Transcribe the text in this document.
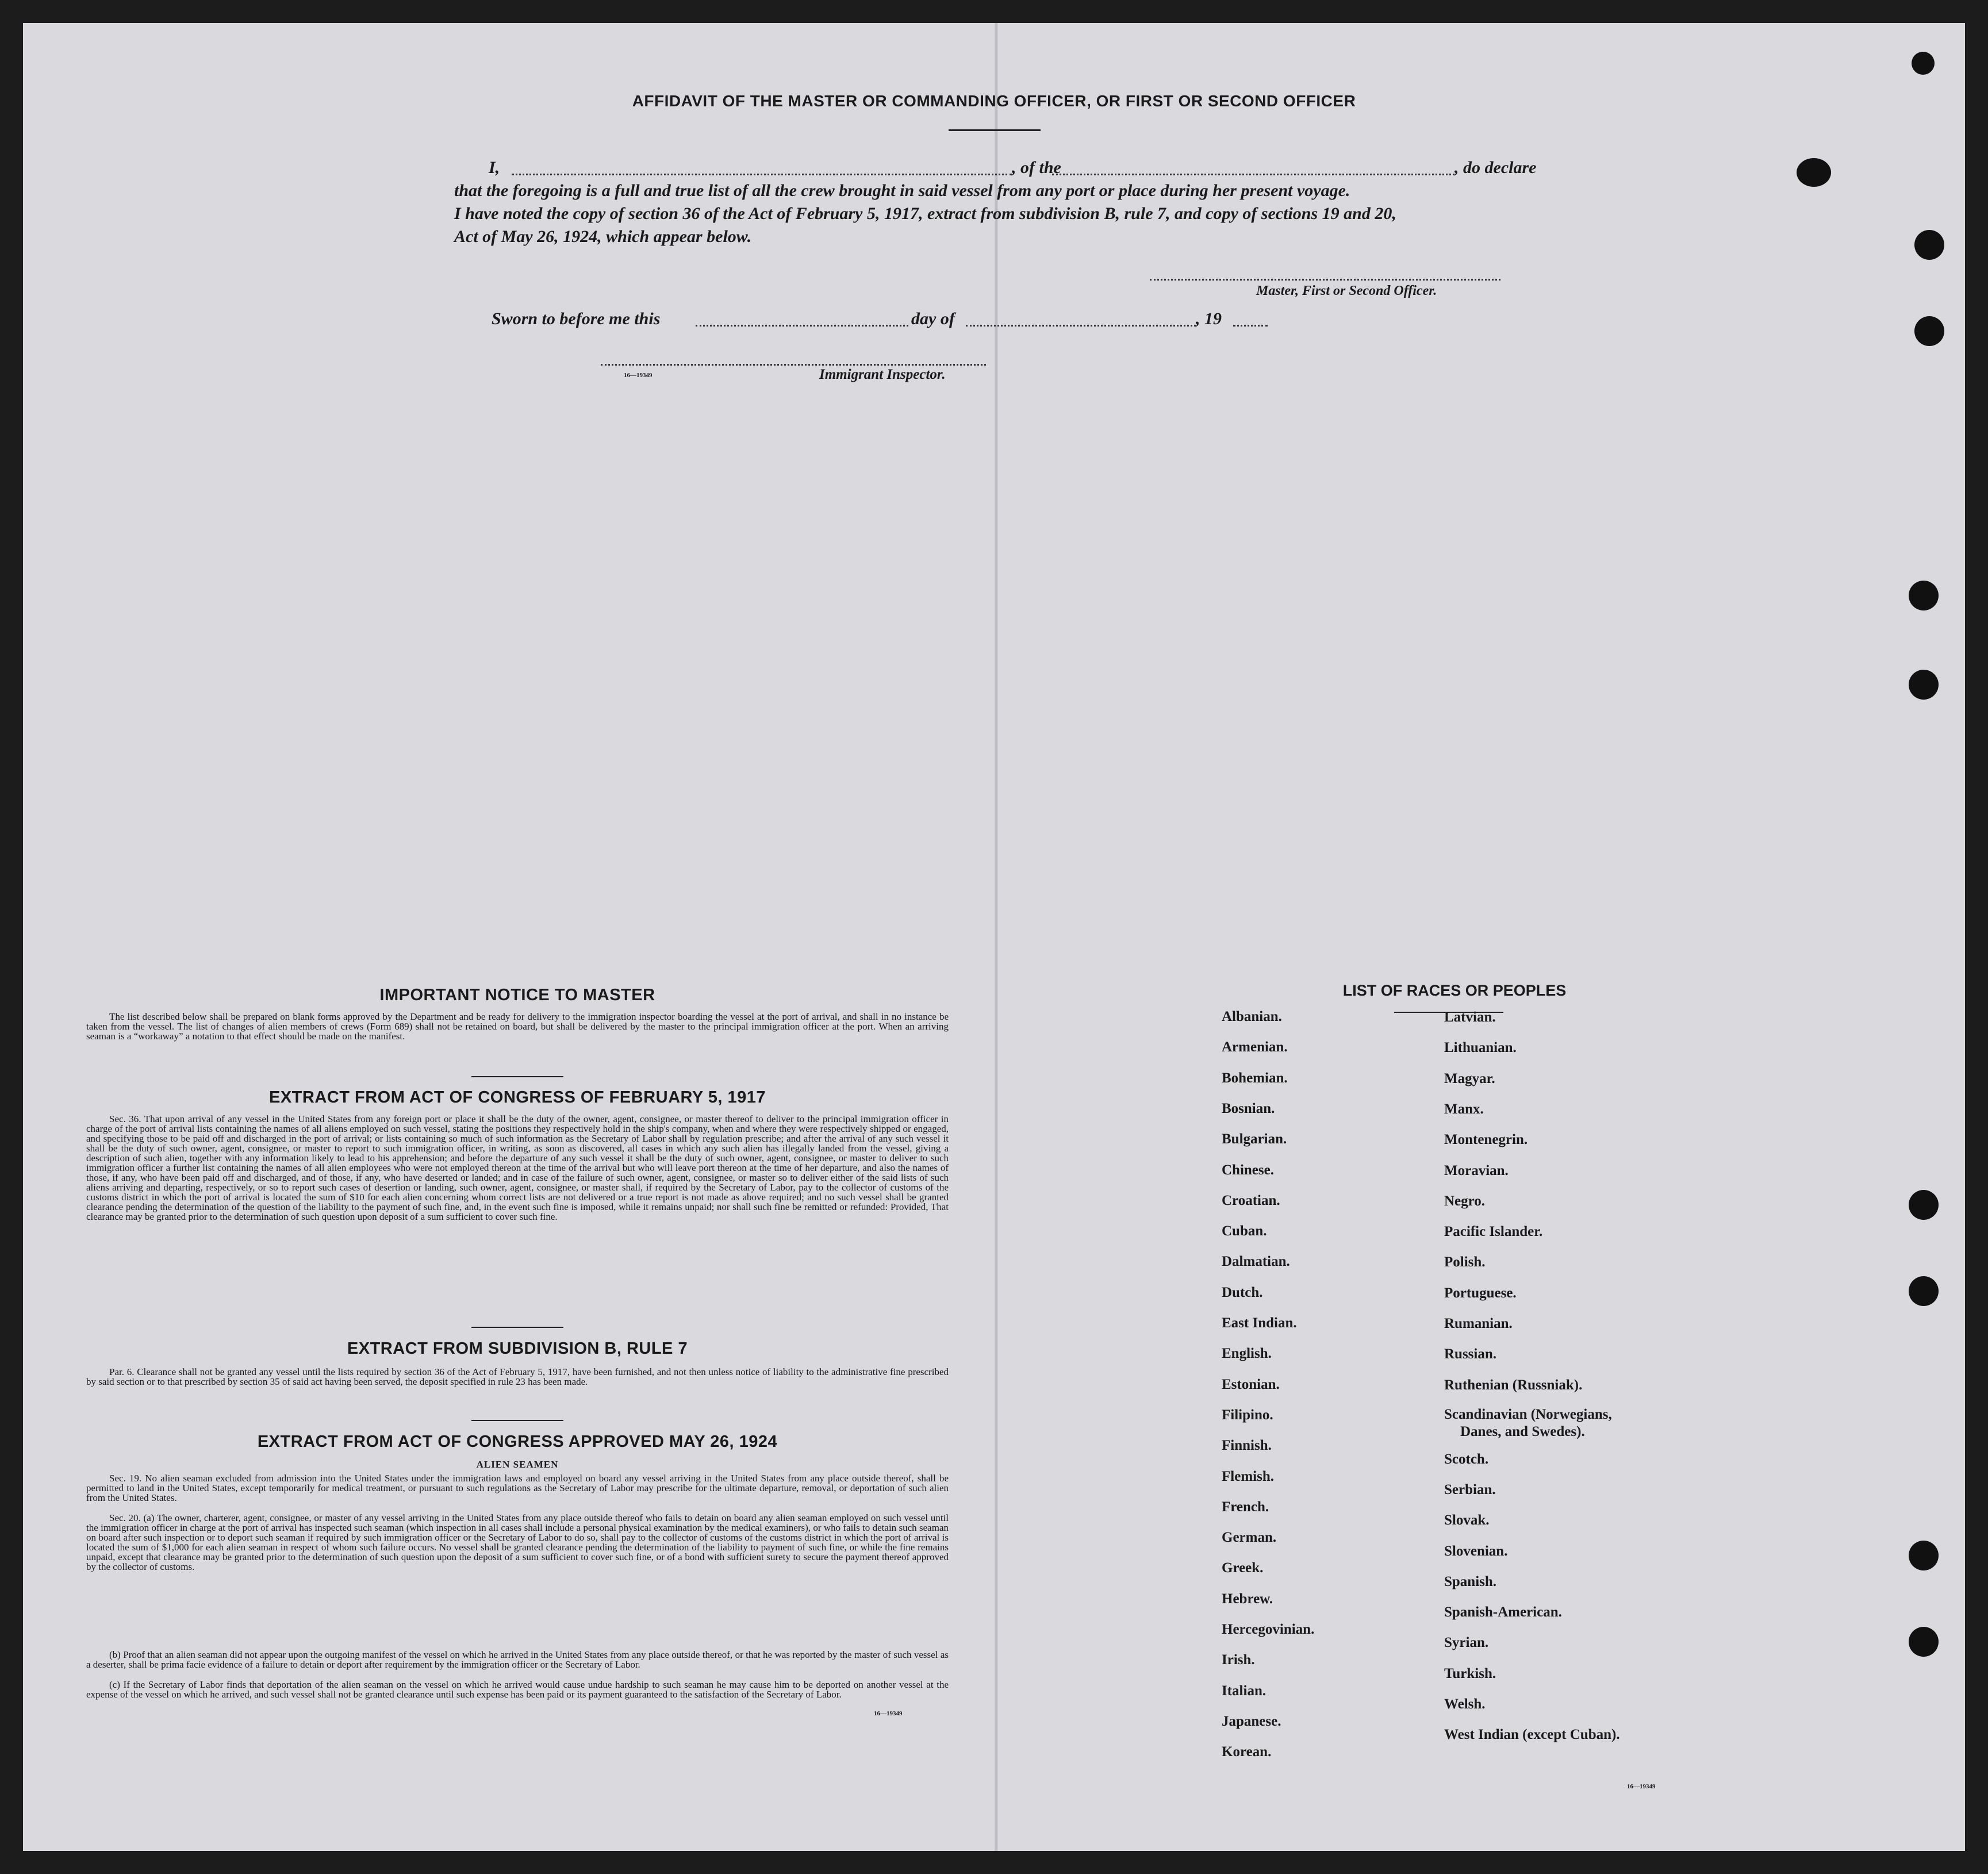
AFFIDAVIT OF THE MASTER OR COMMANDING OFFICER, OR FIRST OR SECOND OFFICER
I,	, of the	, do declare
that the foregoing is a full and true list of all the crew brought in said vessel from any port or place during her present voyage.
I have noted the copy of section 36 of the Act of February 5, 1917, extract from subdivision B, rule 7, and copy of sections 19 and 20,
Act of May 26, 1924, which appear below.
Master, First or Second Officer.
Sworn to before me this	day of	, 19
16—19349	Immigrant Inspector.
IMPORTANT NOTICE TO MASTER
The list described below shall be prepared on blank forms approved by the Department and be ready for delivery to the immigration inspector boarding the vessel at the port of arrival, and shall in no instance be taken from the vessel. The list of changes of alien members of crews (Form 689) shall not be retained on board, but shall be delivered by the master to the principal immigration officer at the port. When an arriving seaman is a “workaway” a notation to that effect should be made on the manifest.
EXTRACT FROM ACT OF CONGRESS OF FEBRUARY 5, 1917
Sec. 36. That upon arrival of any vessel in the United States from any foreign port or place it shall be the duty of the owner, agent, consignee, or master thereof to deliver to the principal immigration officer in charge of the port of arrival lists containing the names of all aliens employed on such vessel, stating the positions they respectively hold in the ship's company, when and where they were respectively shipped or engaged, and specifying those to be paid off and discharged in the port of arrival; or lists containing so much of such information as the Secretary of Labor shall by regulation prescribe; and after the arrival of any such vessel it shall be the duty of such owner, agent, consignee, or master to report to such immigration officer, in writing, as soon as discovered, all cases in which any such alien has illegally landed from the vessel, giving a description of such alien, together with any information likely to lead to his apprehension; and before the departure of any such vessel it shall be the duty of such owner, agent, consignee, or master to deliver to such immigration officer a further list containing the names of all alien employees who were not employed thereon at the time of the arrival but who will leave port thereon at the time of her departure, and also the names of those, if any, who have been paid off and discharged, and of those, if any, who have deserted or landed; and in case of the failure of such owner, agent, consignee, or master so to deliver either of the said lists of such aliens arriving and departing, respectively, or so to report such cases of desertion or landing, such owner, agent, consignee, or master shall, if required by the Secretary of Labor, pay to the collector of customs of the customs district in which the port of arrival is located the sum of $10 for each alien concerning whom correct lists are not delivered or a true report is not made as above required; and no such vessel shall be granted clearance pending the determination of the question of the liability to the payment of such fine, and, in the event such fine is imposed, while it remains unpaid; nor shall such fine be remitted or refunded: Provided, That clearance may be granted prior to the determination of such question upon deposit of a sum sufficient to cover such fine.
EXTRACT FROM SUBDIVISION B, RULE 7
Par. 6. Clearance shall not be granted any vessel until the lists required by section 36 of the Act of February 5, 1917, have been furnished, and not then unless notice of liability to the administrative fine prescribed by said section or to that prescribed by section 35 of said act having been served, the deposit specified in rule 23 has been made.
EXTRACT FROM ACT OF CONGRESS APPROVED MAY 26, 1924
ALIEN SEAMEN
Sec. 19. No alien seaman excluded from admission into the United States under the immigration laws and employed on board any vessel arriving in the United States from any place outside thereof, shall be permitted to land in the United States, except temporarily for medical treatment, or pursuant to such regulations as the Secretary of Labor may prescribe for the ultimate departure, removal, or deportation of such alien from the United States.
Sec. 20. (a) The owner, charterer, agent, consignee, or master of any vessel arriving in the United States from any place outside thereof who fails to detain on board any alien seaman employed on such vessel until the immigration officer in charge at the port of arrival has inspected such seaman (which inspection in all cases shall include a personal physical examination by the medical examiners), or who fails to detain such seaman on board after such inspection or to deport such seaman if required by such immigration officer or the Secretary of Labor to do so, shall pay to the collector of customs of the customs district in which the port of arrival is located the sum of $1,000 for each alien seaman in respect of whom such failure occurs. No vessel shall be granted clearance pending the determination of the liability to payment of such fine, or while the fine remains unpaid, except that clearance may be granted prior to the determination of such question upon the deposit of a sum sufficient to cover such fine, or of a bond with sufficient surety to secure the payment thereof approved by the collector of customs.
(b) Proof that an alien seaman did not appear upon the outgoing manifest of the vessel on which he arrived in the United States from any place outside thereof, or that he was reported by the master of such vessel as a deserter, shall be prima facie evidence of a failure to detain or deport after requirement by the immigration officer or the Secretary of Labor.
(c) If the Secretary of Labor finds that deportation of the alien seaman on the vessel on which he arrived would cause undue hardship to such seaman he may cause him to be deported on another vessel at the expense of the vessel on which he arrived, and such vessel shall not be granted clearance until such expense has been paid or its payment guaranteed to the satisfaction of the Secretary of Labor.
16—19349
LIST OF RACES OR PEOPLES
16—19349
Albanian.
Armenian.
Bohemian.
Bosnian.
Bulgarian.
Chinese.
Croatian.
Cuban.
Dalmatian.
Dutch.
East Indian.
English.
Estonian.
Filipino.
Finnish.
Flemish.
French.
German.
Greek.
Hebrew.
Hercegovinian.
Irish.
Italian.
Japanese.
Korean.
Latvian.
Lithuanian.
Magyar.
Manx.
Montenegrin.
Moravian.
Negro.
Pacific Islander.
Polish.
Portuguese.
Rumanian.
Russian.
Ruthenian (Russniak).
Scandinavian (Norwegians,
Danes, and Swedes).
Scotch.
Serbian.
Slovak.
Slovenian.
Spanish.
Spanish-American.
Syrian.
Turkish.
Welsh.
West Indian (except Cuban).
